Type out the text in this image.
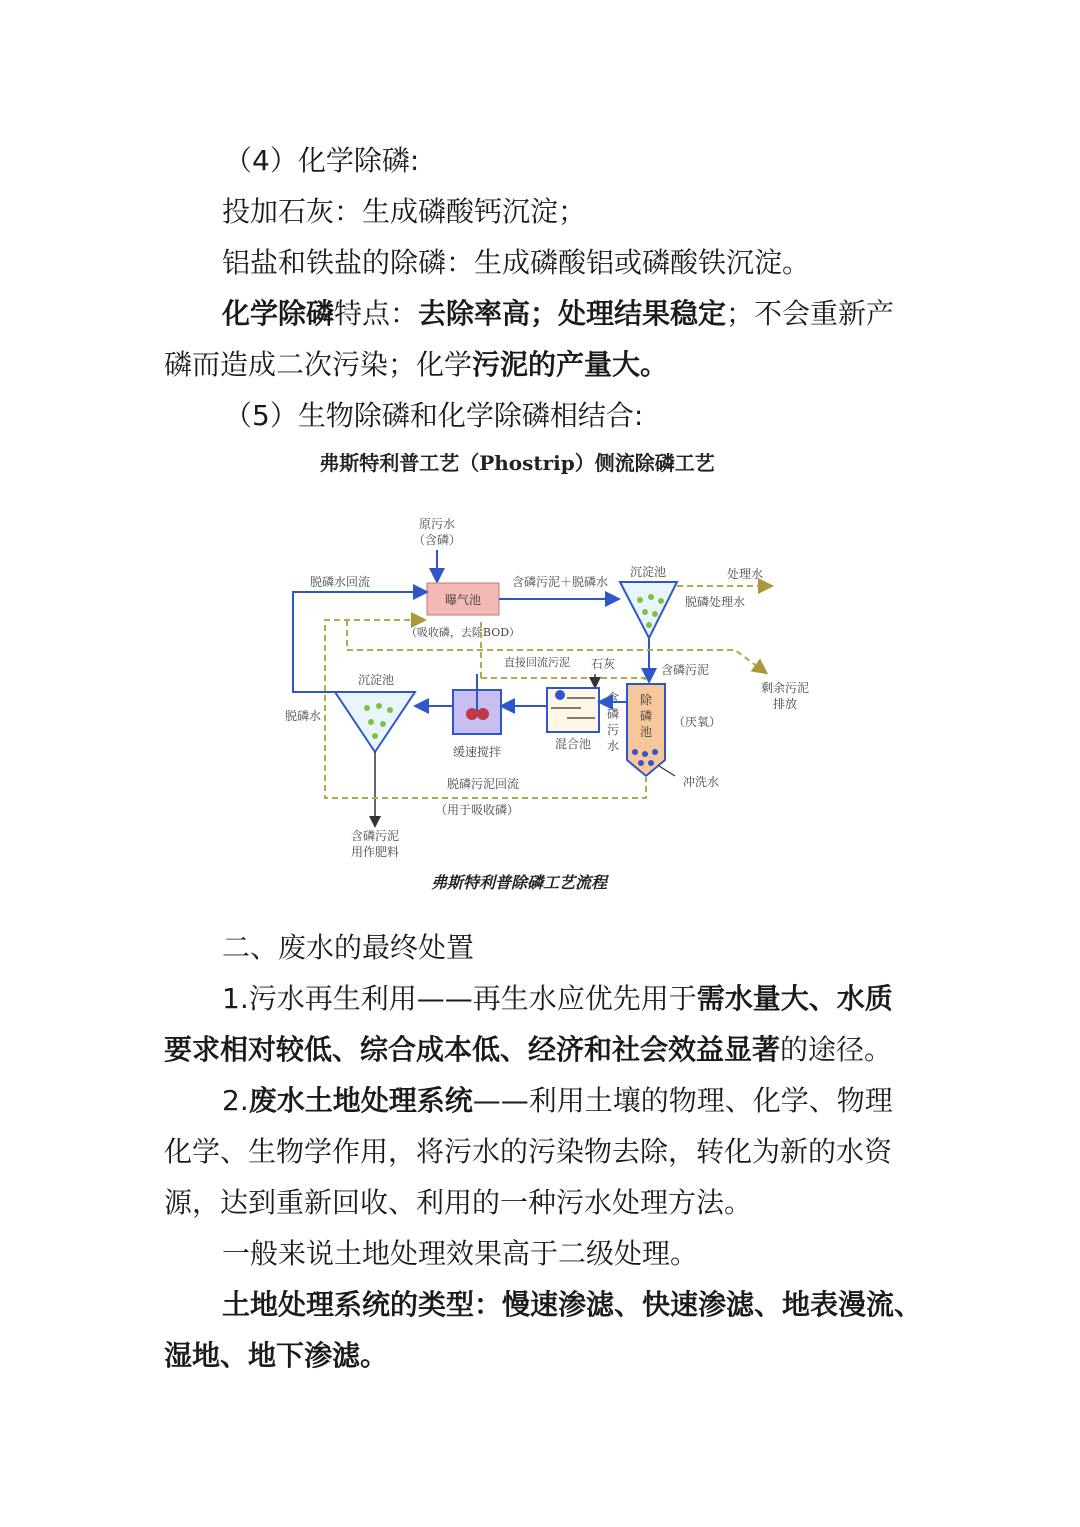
（4）化学除磷:
投加石灰：生成磷酸钙沉淀；
铝盐和铁盐的除磷：生成磷酸铝或磷酸铁沉淀。
化学除磷特点：去除率高；处理结果稳定；不会重新产
磷而造成二次污染；化学污泥的产量大。
（5）生物除磷和化学除磷相结合:
弗斯特利普工艺（Phostrip）侧流除磷工艺
原污水
（含磷）
曝气池
（吸收磷，去除BOD）
含磷污泥＋脱磷水
沉淀池	处理水
脱磷处理水
含磷污泥
剩余污泥
排放
脱磷水回流
直接回流污泥 石灰
沉淀池
脱磷水
含磷污泥
用作肥料
缓速搅拌
混合池
含
磷
污
水
除
磷
池
（厌氧）
冲洗水
脱磷污泥回流
（用于吸收磷）
弗斯特利普除磷工艺流程
二、废水的最终处置
1.污水再生利用——再生水应优先用于需水量大、水质
要求相对较低、综合成本低、经济和社会效益显著的途径。
2.废水土地处理系统——利用土壤的物理、化学、物理
化学、生物学作用，将污水的污染物去除，转化为新的水资
源，达到重新回收、利用的一种污水处理方法。
一般来说土地处理效果高于二级处理。
土地处理系统的类型：慢速渗滤、快速渗滤、地表漫流、
湿地、地下渗滤。
